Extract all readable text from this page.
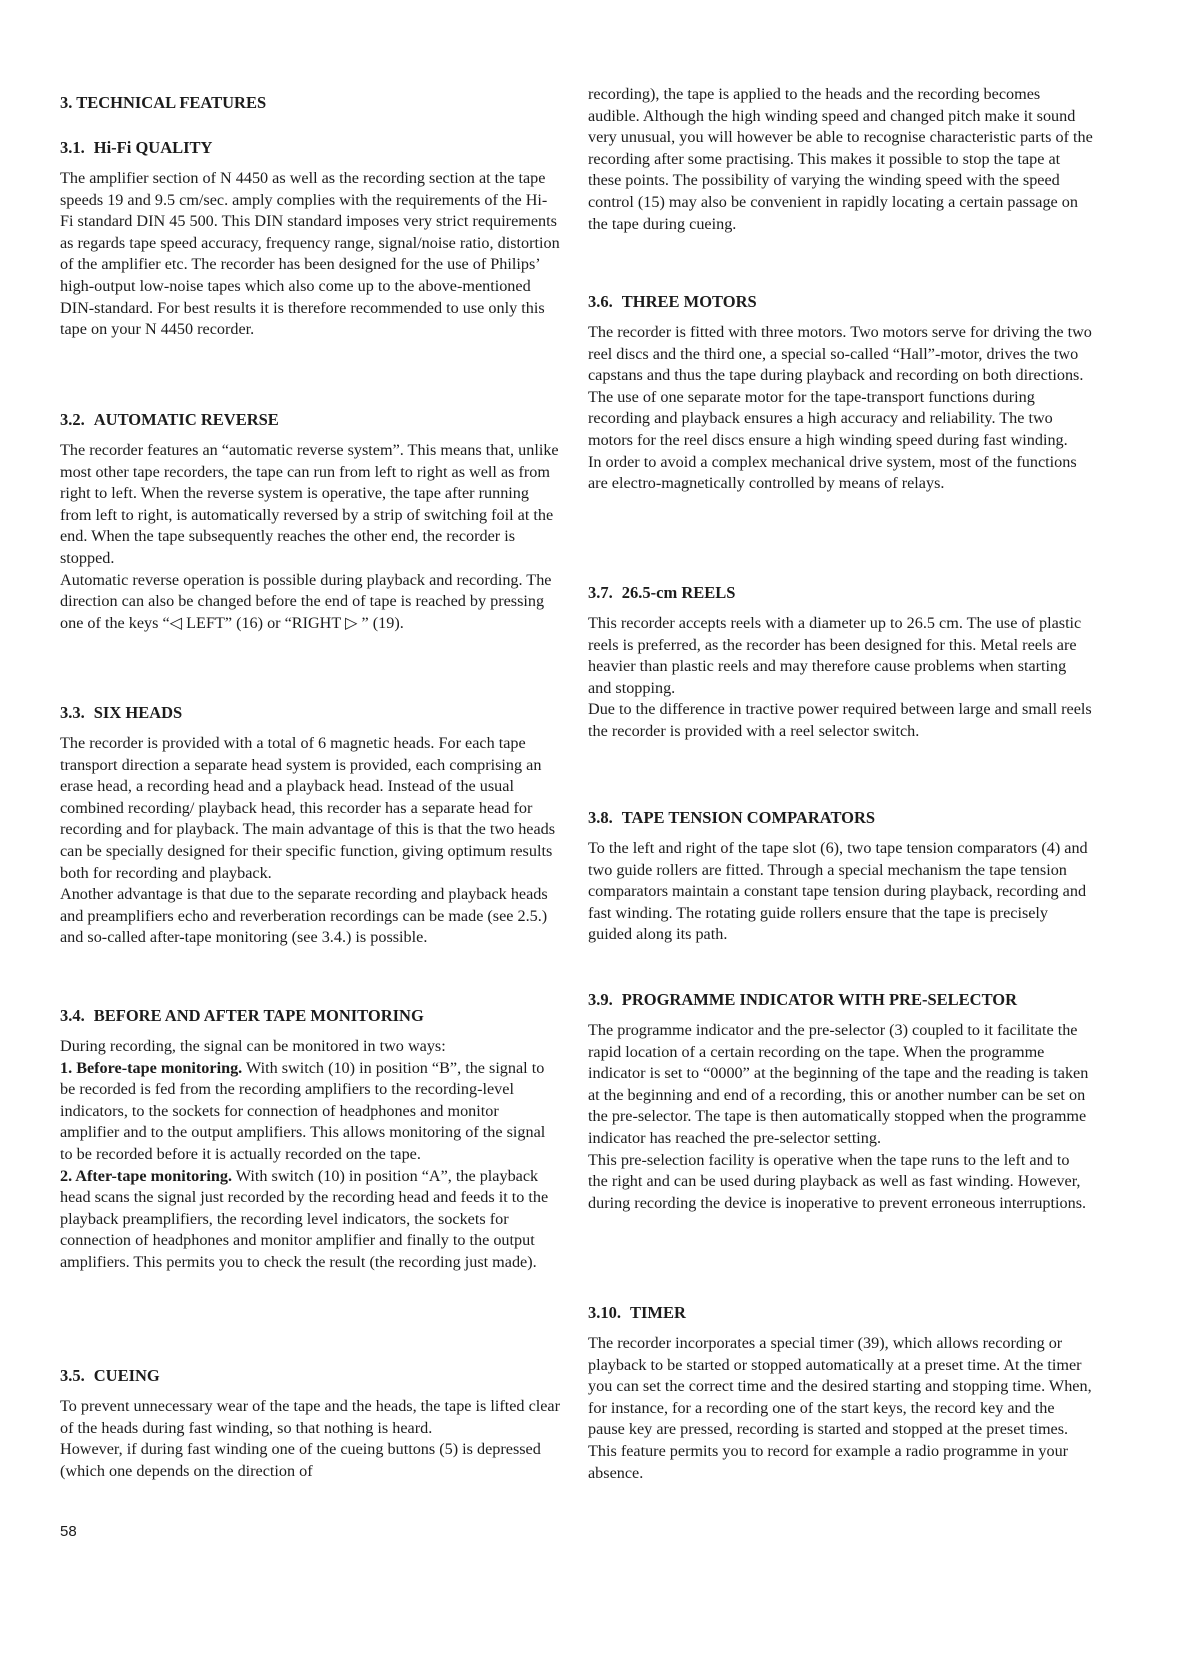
3. TECHNICAL FEATURES
3.1. Hi-Fi QUALITY

The amplifier section of N 4450 as well as the recording section at the tape speeds 19 and 9.5 cm/sec. amply complies with the requirements of the Hi-Fi standard DIN 45 500. This DIN standard imposes very strict requirements as regards tape speed accuracy, frequency range, signal/noise ratio, distortion of the amplifier etc. The recorder has been designed for the use of Philips’ high-output low-noise tapes which also come up to the above-mentioned DIN-standard. For best results it is therefore recommended to use only this tape on your N 4450 recorder.

3.2. AUTOMATIC REVERSE

The recorder features an “automatic reverse system”. This means that, unlike most other tape recorders, the tape can run from left to right as well as from right to left. When the reverse system is operative, the tape after running from left to right, is automatically reversed by a strip of switching foil at the end. When the tape subsequently reaches the other end, the recorder is stopped.

Automatic reverse operation is possible during playback and recording. The direction can also be changed before the end of tape is reached by pressing one of the keys “◁ LEFT” (16) or “RIGHT ▷ ” (19).

3.3. SIX HEADS

The recorder is provided with a total of 6 magnetic heads. For each tape transport direction a separate head system is provided, each comprising an erase head, a recording head and a playback head. Instead of the usual combined recording/ playback head, this recorder has a separate head for recording and for playback. The main advantage of this is that the two heads can be specially designed for their specific function, giving optimum results both for recording and playback.

Another advantage is that due to the separate recording and playback heads and preamplifiers echo and reverberation recordings can be made (see 2.5.) and so-called after-tape monitoring (see 3.4.) is possible.

3.4. BEFORE AND AFTER TAPE MONITORING

During recording, the signal can be monitored in two ways:

1. Before-tape monitoring. With switch (10) in position “B”, the signal to be recorded is fed from the recording amplifiers to the recording-level indicators, to the sockets for connection of headphones and monitor amplifier and to the output amplifiers. This allows monitoring of the signal to be recorded before it is actually recorded on the tape.

2. After-tape monitoring. With switch (10) in position “A”, the playback head scans the signal just recorded by the recording head and feeds it to the playback preamplifiers, the recording level indicators, the sockets for connection of headphones and monitor amplifier and finally to the output amplifiers. This permits you to check the result (the recording just made).

3.5. CUEING

To prevent unnecessary wear of the tape and the heads, the tape is lifted clear of the heads during fast winding, so that nothing is heard.

However, if during fast winding one of the cueing buttons (5) is depressed (which one depends on the direction of

recording), the tape is applied to the heads and the recording becomes audible. Although the high winding speed and changed pitch make it sound very unusual, you will however be able to recognise characteristic parts of the recording after some practising. This makes it possible to stop the tape at these points. The possibility of varying the winding speed with the speed control (15) may also be convenient in rapidly locating a certain passage on the tape during cueing.

3.6. THREE MOTORS

The recorder is fitted with three motors. Two motors serve for driving the two reel discs and the third one, a special so-called “Hall”-motor, drives the two capstans and thus the tape during playback and recording on both directions. The use of one separate motor for the tape-transport functions during recording and playback ensures a high accuracy and reliability. The two motors for the reel discs ensure a high winding speed during fast winding.

In order to avoid a complex mechanical drive system, most of the functions are electro-magnetically controlled by means of relays.

3.7. 26.5-cm REELS

This recorder accepts reels with a diameter up to 26.5 cm. The use of plastic reels is preferred, as the recorder has been designed for this. Metal reels are heavier than plastic reels and may therefore cause problems when starting and stopping.

Due to the difference in tractive power required between large and small reels the recorder is provided with a reel selector switch.

3.8. TAPE TENSION COMPARATORS

To the left and right of the tape slot (6), two tape tension comparators (4) and two guide rollers are fitted. Through a special mechanism the tape tension comparators maintain a constant tape tension during playback, recording and fast winding. The rotating guide rollers ensure that the tape is precisely guided along its path.

3.9. PROGRAMME INDICATOR WITH PRE-SELECTOR

The programme indicator and the pre-selector (3) coupled to it facilitate the rapid location of a certain recording on the tape. When the programme indicator is set to “0000” at the beginning of the tape and the reading is taken at the beginning and end of a recording, this or another number can be set on the pre-selector. The tape is then automatically stopped when the programme indicator has reached the pre-selector setting.

This pre-selection facility is operative when the tape runs to the left and to the right and can be used during playback as well as fast winding. However, during recording the device is inoperative to prevent erroneous interruptions.

3.10. TIMER

The recorder incorporates a special timer (39), which allows recording or playback to be started or stopped automatically at a preset time. At the timer you can set the correct time and the desired starting and stopping time. When, for instance, for a recording one of the start keys, the record key and the pause key are pressed, recording is started and stopped at the preset times. This feature permits you to record for example a radio programme in your absence.

58
